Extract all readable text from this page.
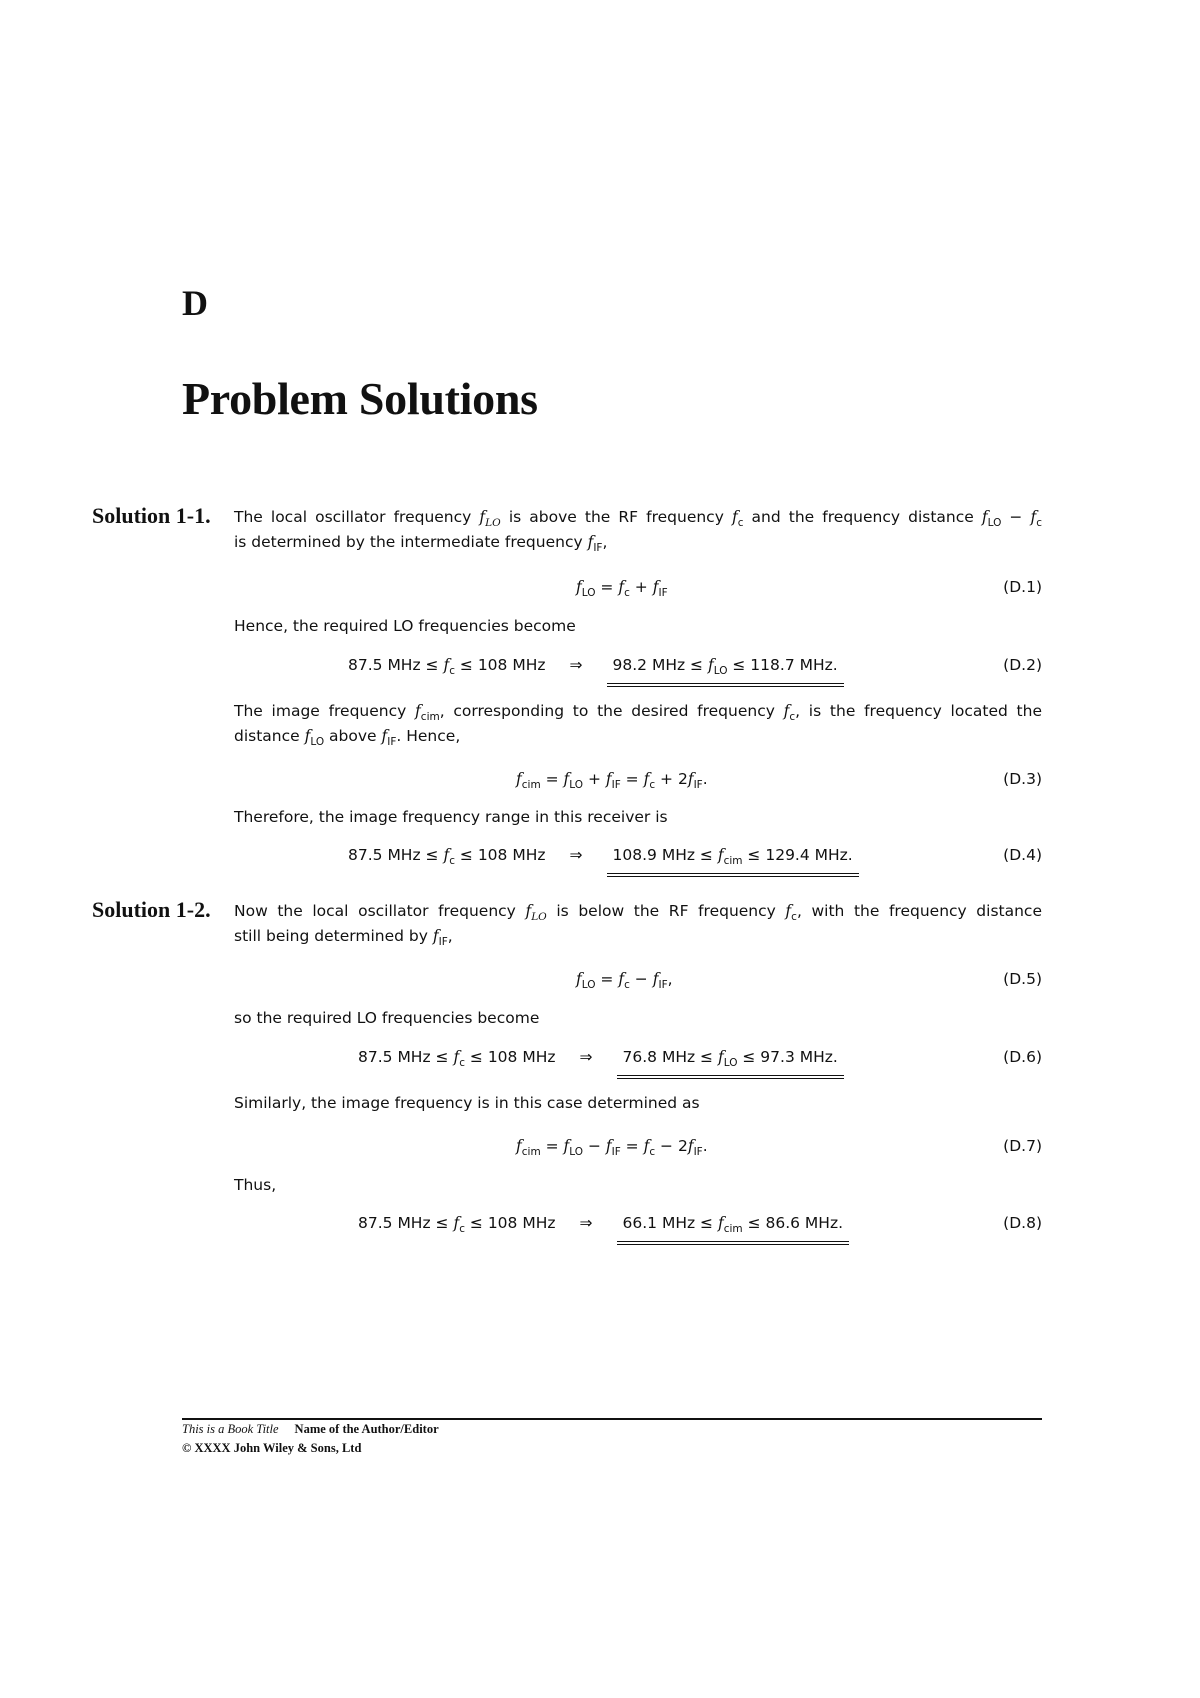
D
Problem Solutions
Solution 1-1. The local oscillator frequency $f_{LO}$ is above the RF frequency $f_c$ and the frequency distance $f_{LO} - f_c$
is determined by the intermediate frequency $f_{IF}$,
$f_{LO} = f_c + f_{IF}$	(D.1)
Hence, the required LO frequencies become
87.5 MHz ≤ $f_c \le 108$ MHz ⇒ 98.2 MHz ≤ $f_{LO} \le 118.7$ MHz.	(D.2)
The image frequency $f_{cim}$, corresponding to the desired frequency $f_c$, is the frequency located the
distance $f_{LO}$ above $f_{IF}$. Hence,
$f_{cim} = f_{LO} + f_{IF} = f_c + 2f_{IF}$.	(D.3)
Therefore, the image frequency range in this receiver is
87.5 MHz ≤ $f_c \le 108$ MHz ⇒ 108.9 MHz ≤ $f_{cim} \le 129.4$ MHz.	(D.4)
Solution 1-2. Now the local oscillator frequency $f_{LO}$ is below the RF frequency $f_c$, with the frequency distance
still being determined by $f_{IF}$,
$f_{LO} = f_c - f_{IF}$,	(D.5)
so the required LO frequencies become
87.5 MHz ≤ $f_c \le 108$ MHz ⇒ 76.8 MHz ≤ $f_{LO} \le 97.3$ MHz.	(D.6)
Similarly, the image frequency is in this case determined as
$f_{cim} = f_{LO} - f_{IF} = f_c - 2f_{IF}$.	(D.7)
Thus,
87.5 MHz ≤ $f_c \le 108$ MHz ⇒ 66.1 MHz ≤ $f_{cim} \le 86.6$ MHz.	(D.8)
This is a Book Title Name of the Author/Editor
© XXXX John Wiley & Sons, Ltd
